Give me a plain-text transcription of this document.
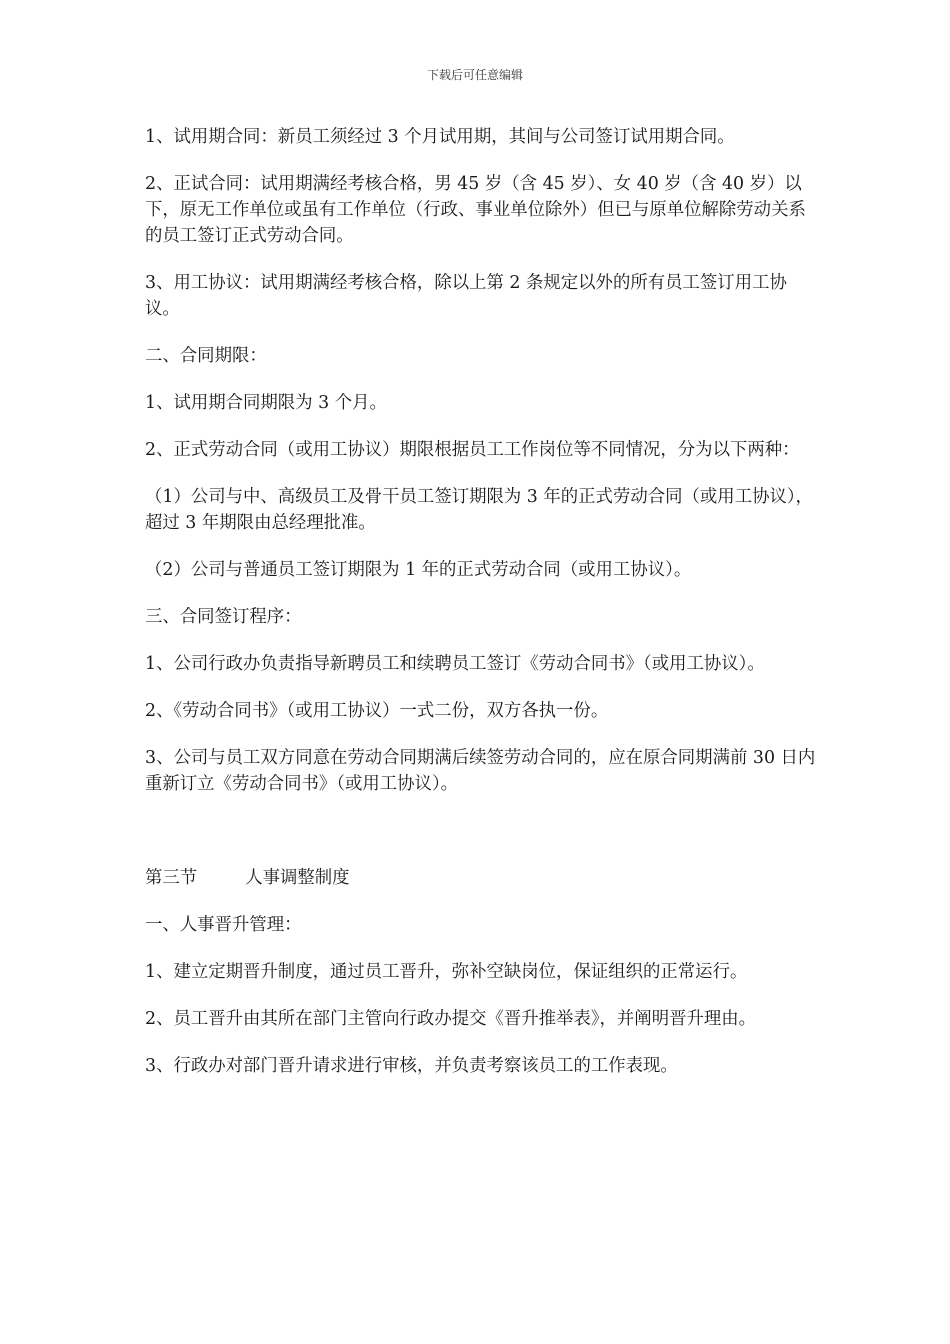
下载后可任意编辑

1、试用期合同：新员工须经过 3 个月试用期，其间与公司签订试用期合同。

2、正试合同：试用期满经考核合格，男 45 岁（含 45 岁）、女 40 岁（含 40 岁）以下，原无工作单位或虽有工作单位（行政、事业单位除外）但已与原单位解除劳动关系的员工签订正式劳动合同。

3、用工协议：试用期满经考核合格，除以上第 2 条规定以外的所有员工签订用工协议。

二、合同期限：

1、试用期合同期限为 3 个月。

2、正式劳动合同（或用工协议）期限根据员工工作岗位等不同情况，分为以下两种：

（1）公司与中、高级员工及骨干员工签订期限为 3 年的正式劳动合同（或用工协议），超过 3 年期限由总经理批准。

（2）公司与普通员工签订期限为 1 年的正式劳动合同（或用工协议）。

三、合同签订程序：

1、公司行政办负责指导新聘员工和续聘员工签订《劳动合同书》（或用工协议）。

2、《劳动合同书》（或用工协议）一式二份，双方各执一份。

3、公司与员工双方同意在劳动合同期满后续签劳动合同的，应在原合同期满前 30 日内重新订立《劳动合同书》（或用工协议）。

第三节	人事调整制度

一、人事晋升管理：

1、建立定期晋升制度，通过员工晋升，弥补空缺岗位，保证组织的正常运行。

2、员工晋升由其所在部门主管向行政办提交《晋升推举表》，并阐明晋升理由。

3、行政办对部门晋升请求进行审核，并负责考察该员工的工作表现。
